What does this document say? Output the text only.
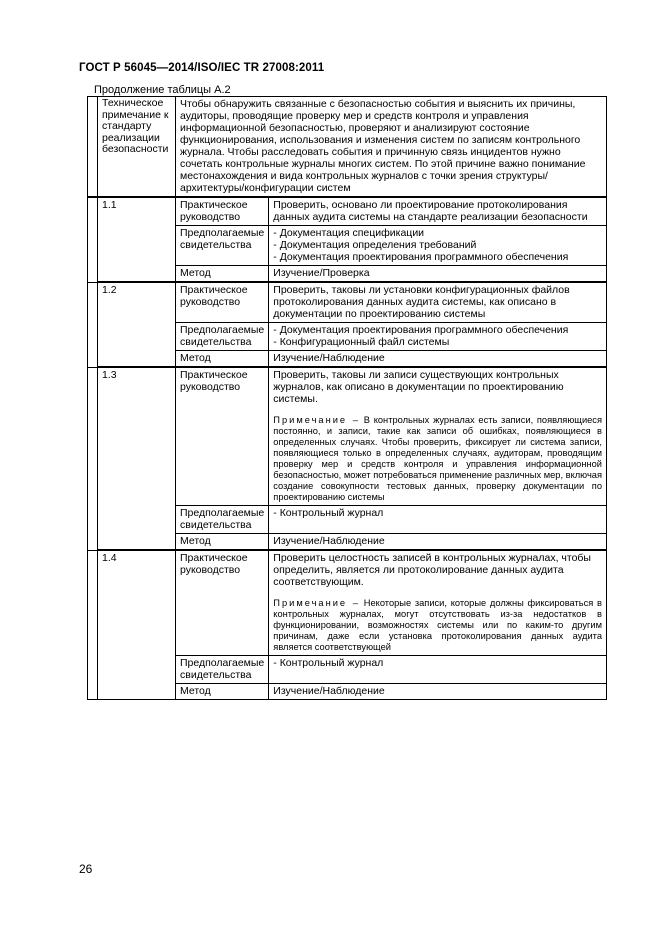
ГОСТ Р 56045—2014/ISO/IEC TR 27008:2011
Продолжение таблицы А.2
	Техническое примечание к стандарту реализации безопасности	Чтобы обнаружить связанные с безопасностью события и выяснить их причины, аудиторы, проводящие проверку мер и средств контроля и управления информационной безопасностью, проверяют и анализируют состояние функционирования, использования и изменения систем по записям контрольного журнала. Чтобы расследовать события и причинную связь инцидентов нужно сочетать контрольные журналы многих систем. По этой причине важно понимание местонахождения и вида контрольных журналов с точки зрения структуры/архитектуры/конфигурации систем	
	1.1	Практическое руководство	Проверить, основано ли проектирование протоколирования данных аудита системы на стандарте реализации безопасности
		Предполагаемые свидетельства	- Документация спецификации
- Документация определения требований
- Документация проектирования программного обеспечения

		Метод	Изучение/Проверка
	1.2	Практическое руководство	Проверить, таковы ли установки конфигурационных файлов протоколирования данных аудита системы, как описано в документации по проектированию системы
		Предполагаемые свидетельства	- Документация проектирования программного обеспечения
- Конфигурационный файл системы

		Метод	Изучение/Наблюдение
	1.3	Практическое руководство	Проверить, таковы ли записи существующих контрольных журналов, как описано в документации по проектированию системы.
Примечание – В контрольных журналах есть записи, появляющиеся постоянно, и записи, такие как записи об ошибках, появляющиеся в определенных случаях. Чтобы проверить, фиксирует ли система записи, появляющиеся только в определенных случаях, аудиторам, проводящим проверку мер и средств контроля и управления информационной безопасностью, может потребоваться применение различных мер, включая создание совокупности тестовых данных, проверку документации по проектированию системы

		Предполагаемые свидетельства	- Контрольный журнал

		Метод	Изучение/Наблюдение
	1.4	Практическое руководство	Проверить целостность записей в контрольных журналах, чтобы определить, является ли протоколирование данных аудита соответствующим.
Примечание – Некоторые записи, которые должны фиксироваться в контрольных журналах, могут отсутствовать из-за недостатков в функционировании, возможностях системы или по каким-то другим причинам, даже если установка протоколирования данных аудита является соответствующей

		Предполагаемые свидетельства	- Контрольный журнал

		Метод	Изучение/Наблюдение
26
